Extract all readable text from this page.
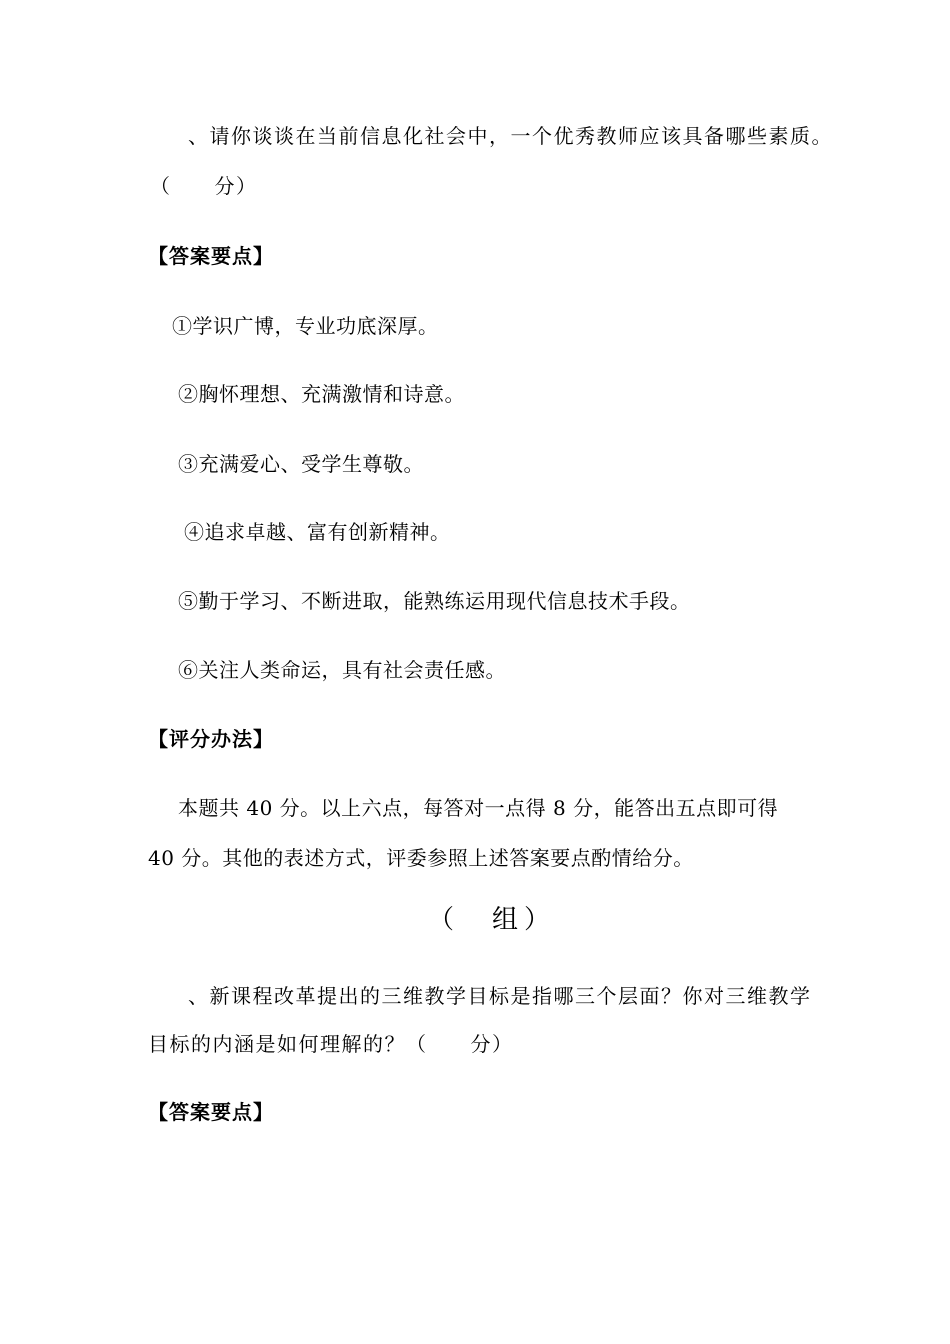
、请你谈谈在当前信息化社会中，一个优秀教师应该具备哪些素质。
（　　分）
【答案要点】
①学识广博，专业功底深厚。
②胸怀理想、充满激情和诗意。
③充满爱心、受学生尊敬。
④追求卓越、富有创新精神。
⑤勤于学习、不断进取，能熟练运用现代信息技术手段。
⑥关注人类命运，具有社会责任感。
【评分办法】
本题共 40 分。以上六点，每答对一点得 8 分，能答出五点即可得
40 分。其他的表述方式，评委参照上述答案要点酌情给分。
（　组）
、新课程改革提出的三维教学目标是指哪三个层面？你对三维教学
目标的内涵是如何理解的？（　　分）
【答案要点】
